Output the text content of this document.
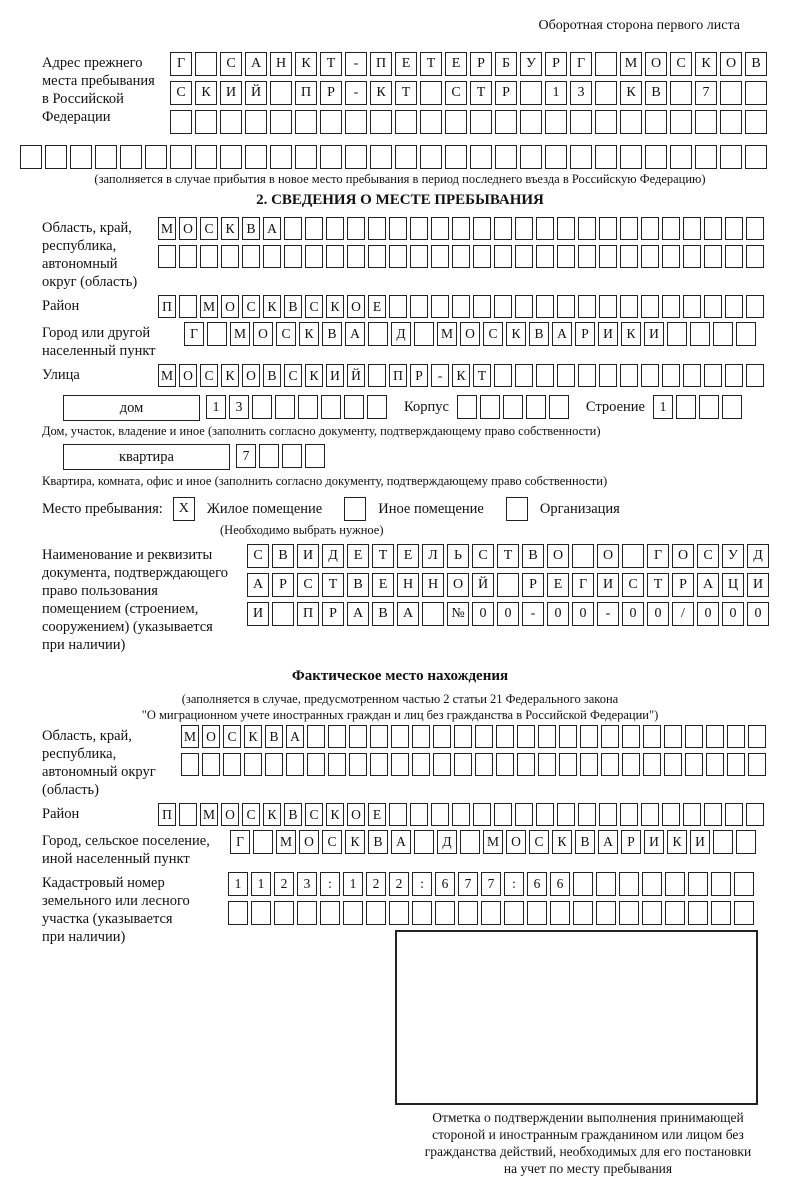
Оборотная сторона первого листа
Адрес прежнего
места пребывания
в Российской
Федерации
Г	С	А	Н	К	Т	-	П	Е	Т	Е	Р	Б	У	Р	Г	М О	С	К	О	В
С	К	И	Й	П	Р	-	К	Т	С	Т	Р	1	3	К	В	7
(заполняется в случае прибытия в новое место пребывания в период последнего въезда в Российскую Федерацию)
2. СВЕДЕНИЯ О МЕСТЕ ПРЕБЫВАНИЯ
Область, край,
республика,
автономный
округ (область)
М О С К В А
Район	П	М О С К В С К О Е
Город или другой
населенный пункт
Г	М О	С	К	В	А	Д	М О	С	К	В	А	Р	И	К	И
Улица	М О С К О В С К И Й	П Р	-	К Т
дом	1	3	Корпус	Строение	1
Дом, участок, владение и иное (заполнить согласно документу, подтверждающему право собственности)
квартира	7
Квартира, комната, офис и иное (заполнить согласно документу, подтверждающему право собственности)
Место пребывания:	X	Жилое помещение	Иное помещение	Организация
(Необходимо выбрать нужное)
Наименование и реквизиты
документа, подтверждающего
право пользования
помещением (строением,
сооружением) (указывается
при наличии)
С	В	И	Д	Е	Т	Е	Л	Ь	С	Т	В	О	О	Г	О	С	У	Д
А	Р	С	Т	В	Е	Н	Н	О	Й	Р	Е	Г	И	С	Т	Р	А	Ц	И
И	П	Р	А	В	А	№	0	0	-	0	0	-	0	0	/	0	0	0
Фактическое место нахождения
(заполняется в случае, предусмотренном частью 2 статьи 21 Федерального закона
"О миграционном учете иностранных граждан и лиц без гражданства в Российской Федерации")
Область, край,
республика,
автономный округ
(область)
М О С К В А
Район	П	М О С К В С К О Е
Город, сельское поселение,
иной населенный пункт
Г	М О	С	К	В	А	Д	М О	С	К	В	А	Р	И	К	И
Кадастровый номер
земельного или лесного
участка (указывается
при наличии)
1	1	2	3	:	1	2	2	:	6	7	7	:	6	6
Отметка о подтверждении выполнения принимающей
стороной и иностранным гражданином или лицом без
гражданства действий, необходимых для его постановки
на учет по месту пребывания
